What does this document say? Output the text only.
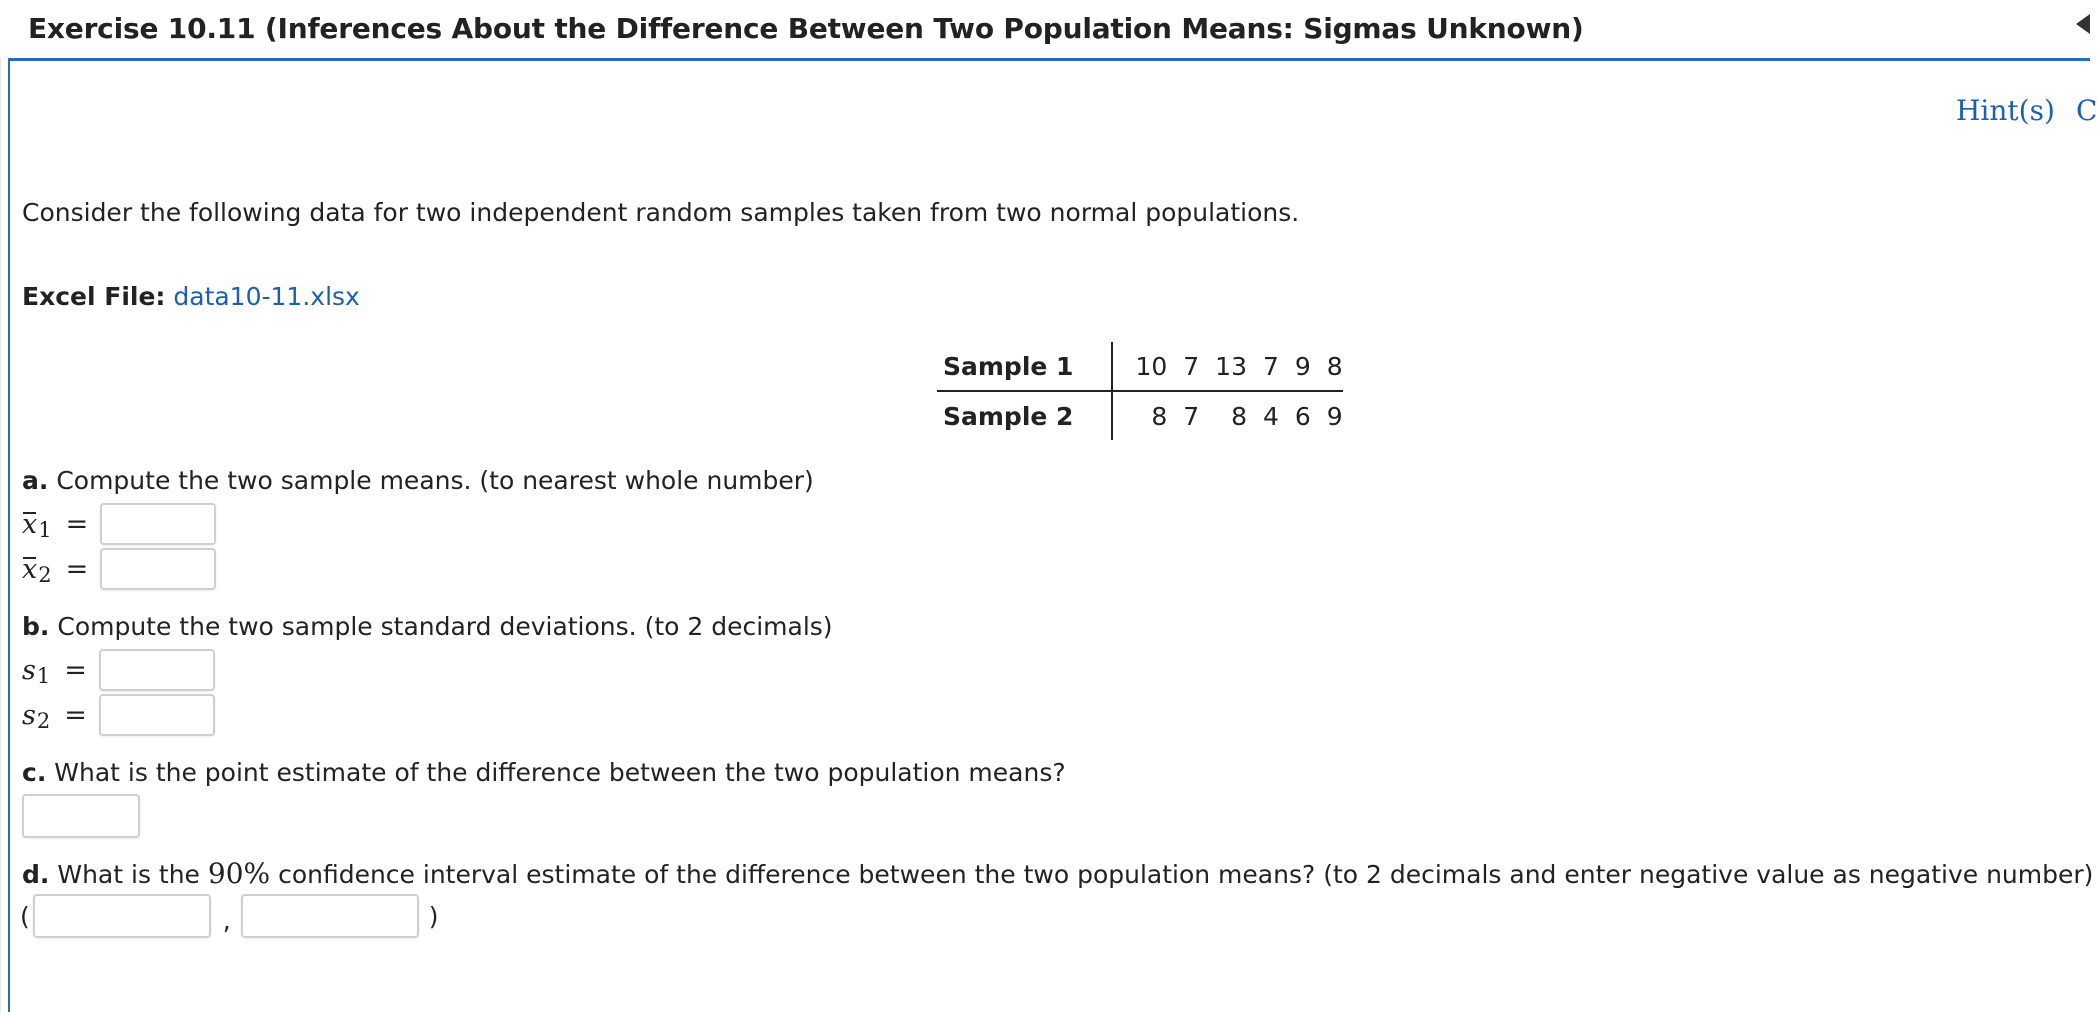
Exercise 10.11 (Inferences About the Difference Between Two Population Means: Sigmas Unknown)
Hint(s) C
Consider the following data for two independent random samples taken from two normal populations.
Excel File: data10-11.xlsx
Sample 1	10	7	13	7	9	8
Sample 2	8	7	8	4	6	9
a. Compute the two sample means. (to nearest whole number)
x 1 =
x 2 =
b. Compute the two sample standard deviations. (to 2 decimals)
s 1 =
s 2 =
c. What is the point estimate of the difference between the two population means?
d. What is the 90% confidence interval estimate of the difference between the two population means? (to 2 decimals and enter negative value as negative number)
(	,	)
